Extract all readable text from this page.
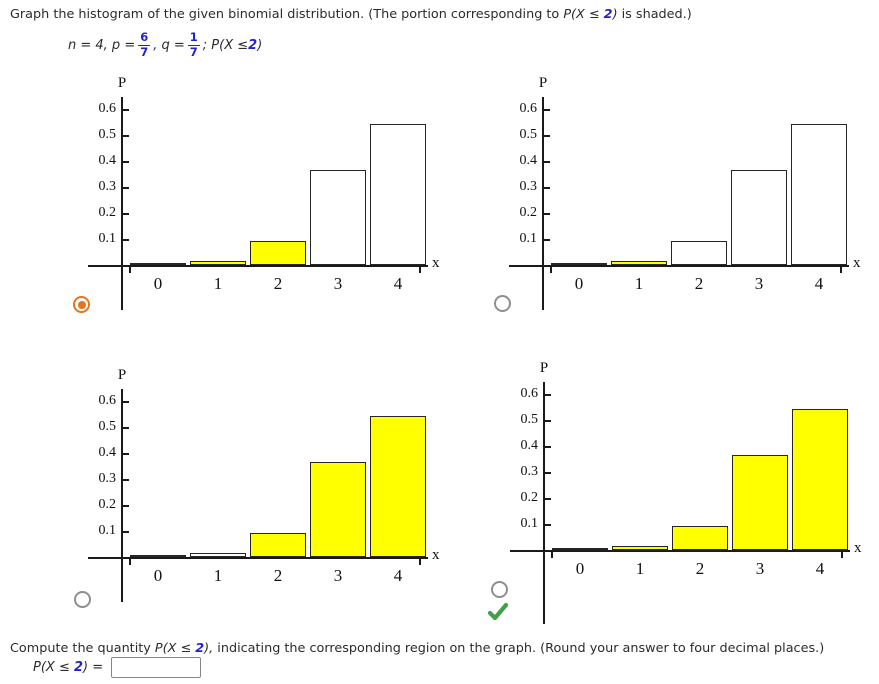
Graph the histogram of the given binomial distribution. (The portion corresponding to P(X ≤ 2) is shaded.)
n = 4, $p = \frac{6}{7}$ , $q = \frac{1}{7}$ ; P(X ≤ 2 )
P
x
0.1
0.2
0.3
0.4
0.5
0.6
0	1	2	3	4
P
x
0.1
0.2
0.3
0.4
0.5
0.6
0	1	2	3	4
P
x
0.1
0.2
0.3
0.4
0.5
0.6
0	1	2	3	4
P
x
0.1
0.2
0.3
0.4
0.5
0.6
0	1	2	3	4
Compute the quantity P(X ≤ 2), indicating the corresponding region on the graph. (Round your answer to four decimal places.)
P(X ≤ 2) =
